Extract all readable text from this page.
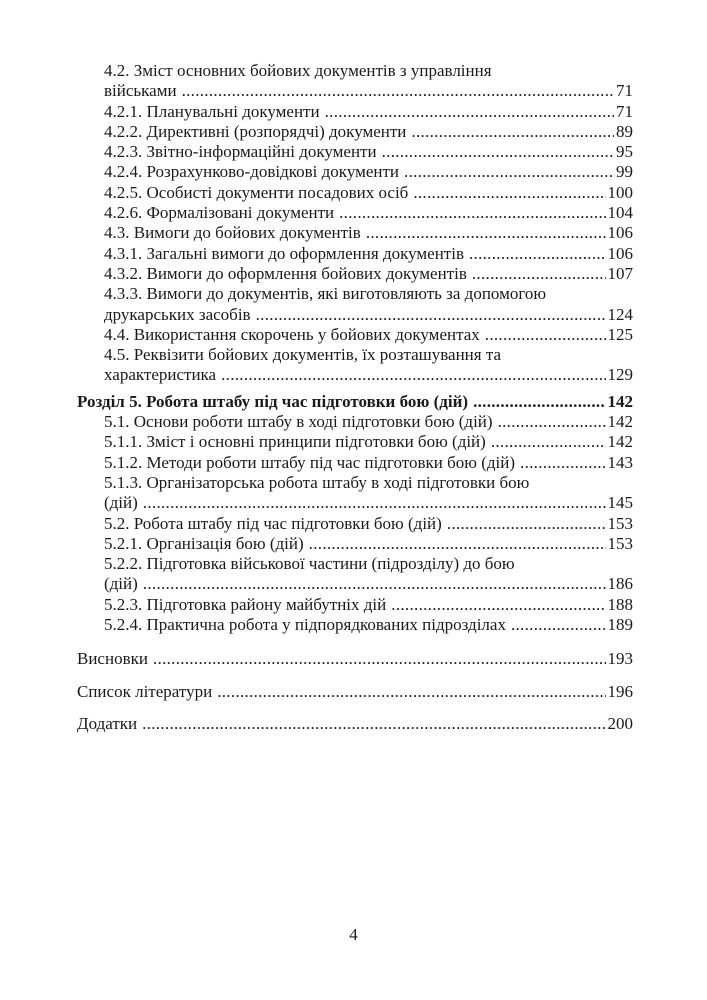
4.2. Зміст основних бойових документів з управління
військами .....	71
4.2.1. Планувальні документи .....	71
4.2.2. Директивні (розпорядчі) документи .....	89
4.2.3. Звітно-інформаційні документи .....	95
4.2.4. Розрахунково-довідкові документи .....	99
4.2.5. Особисті документи посадових осіб .....	100
4.2.6. Формалізовані документи .....	104
4.3. Вимоги до бойових документів .....	106
4.3.1. Загальні вимоги до оформлення документів .....	106
4.3.2. Вимоги до оформлення бойових документів .....	107
4.3.3. Вимоги до документів, які виготовляють за допомогою
друкарських засобів .....	124
4.4. Використання скорочень у бойових документах .....	125
4.5. Реквізити бойових документів, їх розташування та
характеристика .....	129
Розділ 5. Робота штабу під час підготовки бою (дій) .....	142
5.1. Основи роботи штабу в ході підготовки бою (дій) .....	142
5.1.1. Зміст і основні принципи підготовки бою (дій) .....	142
5.1.2. Методи роботи штабу під час підготовки бою (дій) .....	143
5.1.3. Організаторська робота штабу в ході підготовки бою
(дій) .....	145
5.2. Робота штабу під час підготовки бою (дій) .....	153
5.2.1. Організація бою (дій) .....	153
5.2.2. Підготовка військової частини (підрозділу) до бою
(дій) .....	186
5.2.3. Підготовка району майбутніх дій .....	188
5.2.4. Практична робота у підпорядкованих підрозділах .....	189
Висновки .....	193
Список літератури .....	196
Додатки .....	200
4
